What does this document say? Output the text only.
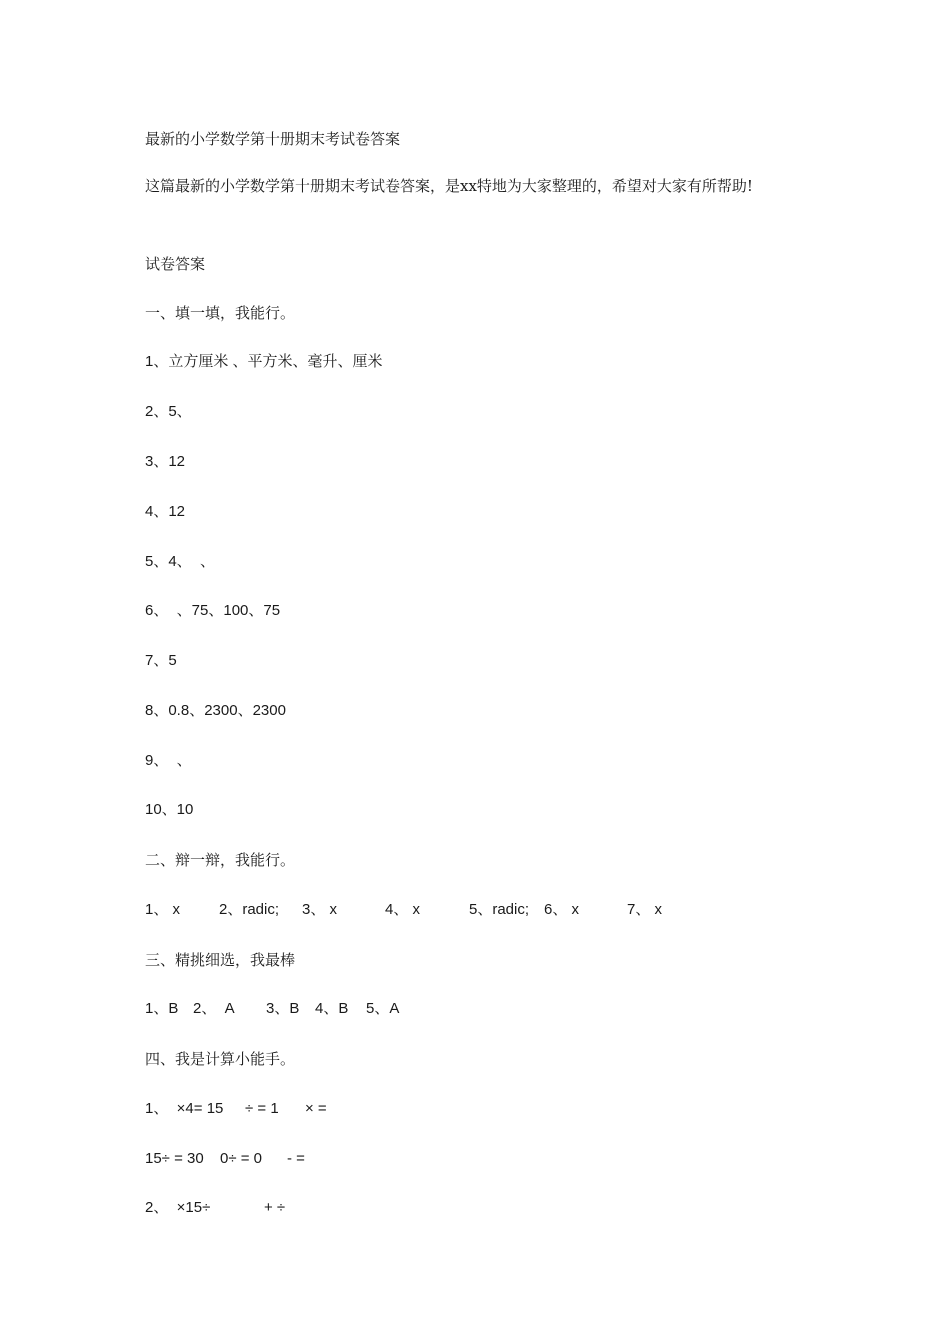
最新的小学数学第十册期末考试卷答案
这篇最新的小学数学第十册期末考试卷答案，是xx特地为大家整理的，希望对大家有所帮助!
试卷答案
一、填一填，我能行。
1、立方厘米 、平方米、毫升、厘米
2、5、
3、12
4、12
5、4、  、
6、  、75、100、75
7、5
8、0.8、2300、2300
9、  、
10、10
二、辩一辩，我能行。
1、 x	2、radic; 3、 x	4、 x	5、radic; 6、 x	7、 x
三、精挑细选，我最棒
1、B 2、  A 3、B 4、B 5、A
四、我是计算小能手。
1、  ×4= 15 ÷ = 1 × =
15÷ = 30 0÷ = 0 - =
2、  ×15÷	+ ÷
